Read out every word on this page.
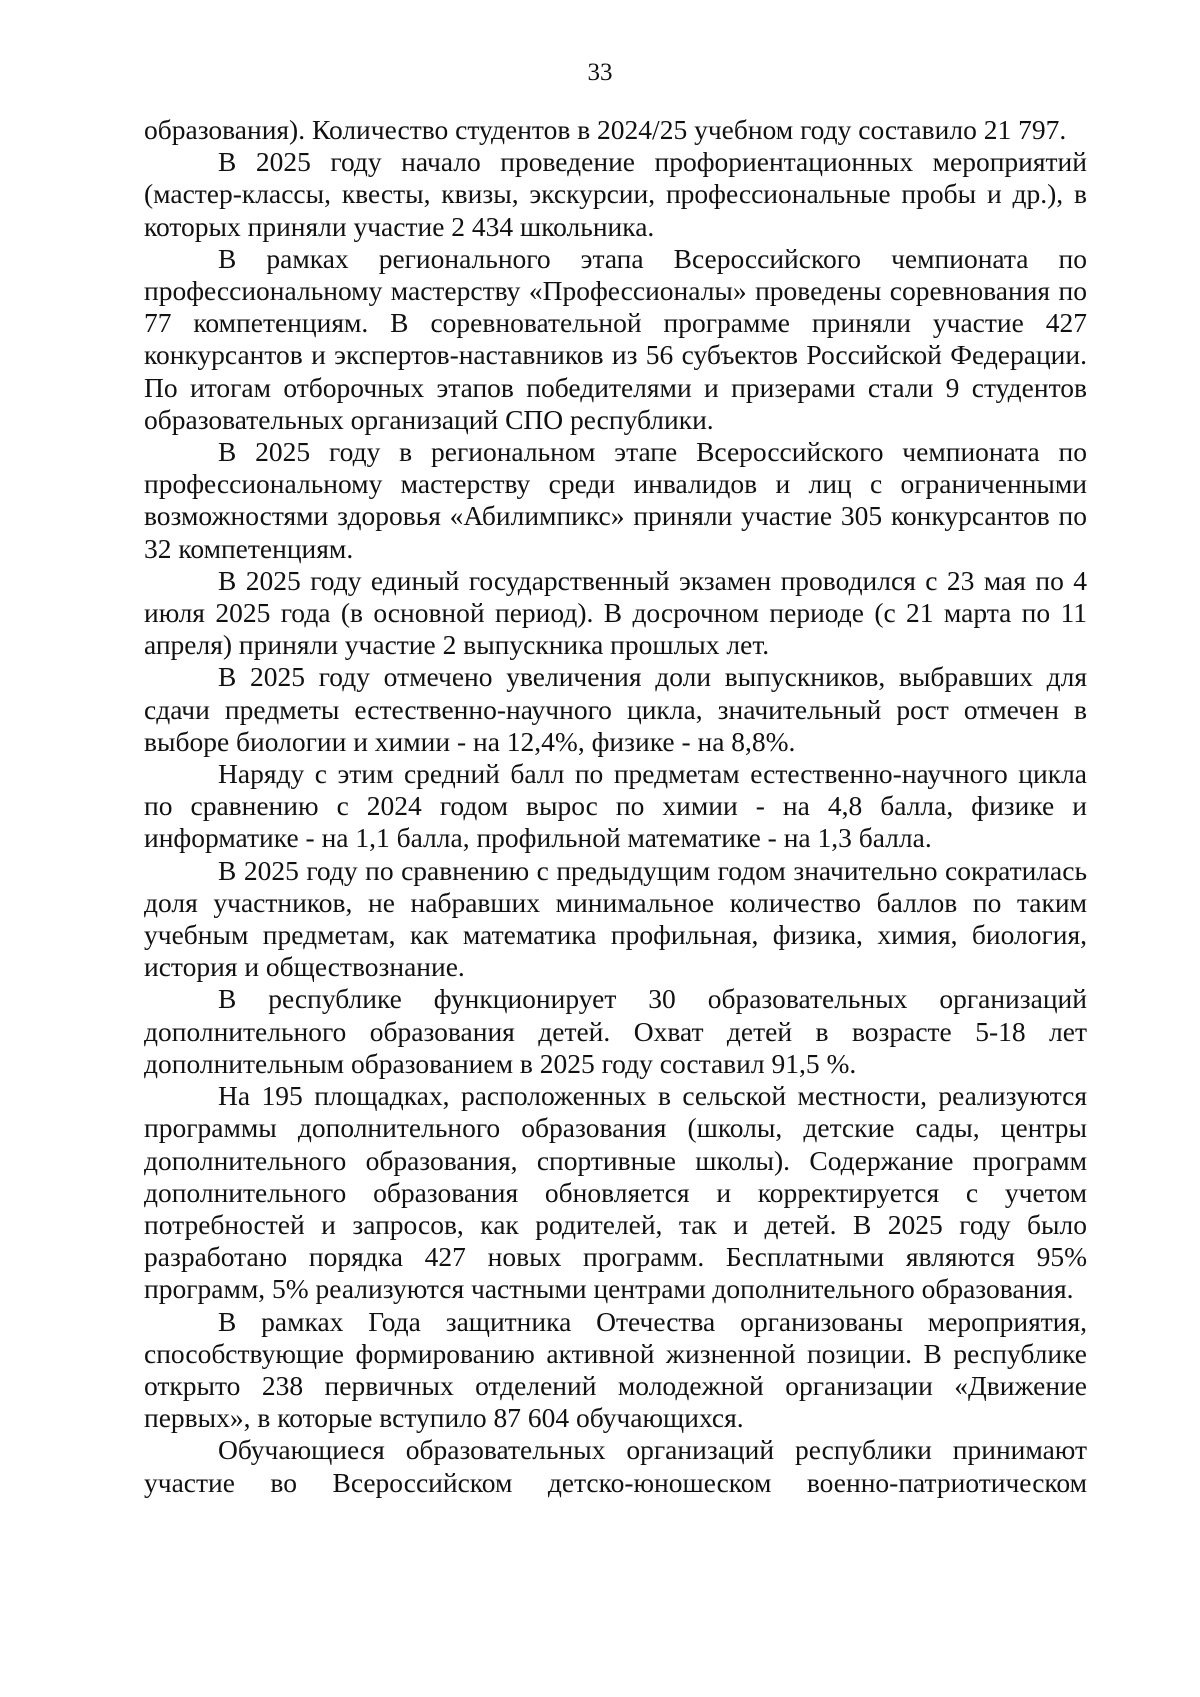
33

образования). Количество студентов в 2024/25 учебном году составило 21 797.

В 2025 году начало проведение профориентационных мероприятий (мастер-классы, квесты, квизы, экскурсии, профессиональные пробы и др.), в которых приняли участие 2 434 школьника.

В рамках регионального этапа Всероссийского чемпионата по профессиональному мастерству «Профессионалы» проведены соревнования по 77 компетенциям. В соревновательной программе приняли участие 427 конкурсантов и экспертов-наставников из 56 субъектов Российской Федерации. По итогам отборочных этапов победителями и призерами стали 9 студентов образовательных организаций СПО республики.

В 2025 году в региональном этапе Всероссийского чемпионата по профессиональному мастерству среди инвалидов и лиц с ограниченными возможностями здоровья «Абилимпикс» приняли участие 305 конкурсантов по 32 компетенциям.

В 2025 году единый государственный экзамен проводился с 23 мая по 4 июля 2025 года (в основной период). В досрочном периоде (с 21 марта по 11 апреля) приняли участие 2 выпускника прошлых лет.

В 2025 году отмечено увеличения доли выпускников, выбравших для сдачи предметы естественно-научного цикла, значительный рост отмечен в выборе биологии и химии - на 12,4%, физике - на 8,8%.

Наряду с этим средний балл по предметам естественно-научного цикла по сравнению с 2024 годом вырос по химии - на 4,8 балла, физике и информатике - на 1,1 балла, профильной математике - на 1,3 балла.

В 2025 году по сравнению с предыдущим годом значительно сократилась доля участников, не набравших минимальное количество баллов по таким учебным предметам, как математика профильная, физика, химия, биология, история и обществознание.

В республике функционирует 30 образовательных организаций дополнительного образования детей. Охват детей в возрасте 5-18 лет дополнительным образованием в 2025 году составил 91,5 %.

На 195 площадках, расположенных в сельской местности, реализуются программы дополнительного образования (школы, детские сады, центры дополнительного образования, спортивные школы). Содержание программ дополнительного образования обновляется и корректируется с учетом потребностей и запросов, как родителей, так и детей. В 2025 году было разработано порядка 427 новых программ. Бесплатными являются 95% программ, 5% реализуются частными центрами дополнительного образования.

В рамках Года защитника Отечества организованы мероприятия, способствующие формированию активной жизненной позиции. В республике открыто 238 первичных отделений молодежной организации «Движение первых», в которые вступило 87 604 обучающихся.

Обучающиеся образовательных организаций республики принимают участие во Всероссийском детско-юношеском военно-патриотическом
